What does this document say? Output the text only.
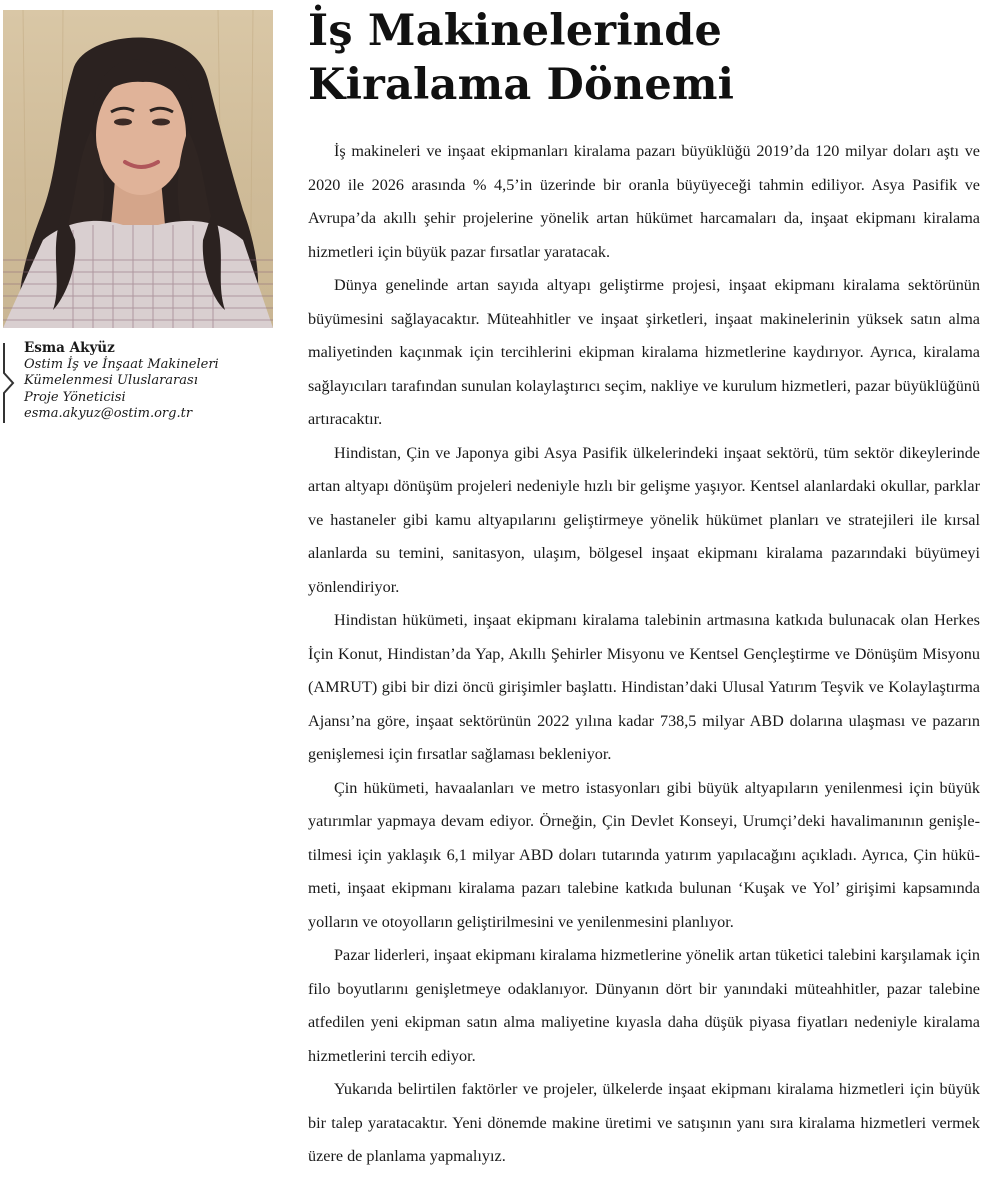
Esma Akyüz
Ostim İş ve İnşaat Makineleri
Kümelenmesi Uluslararası
Proje Yöneticisi
esma.akyuz@ostim.org.tr
İş Makinelerinde
Kiralama Dönemi

İş makineleri ve inşaat ekipmanları kiralama pazarı büyüklüğü 2019’da 120 milyar doları aştı ve 2020 ile 2026 arasında % 4,5’in üzerinde bir oranla büyüyeceği tahmin ediliyor. Asya Pasifik ve Avrupa’da akıllı şehir projelerine yönelik artan hükümet harcamaları da, inşaat ekipmanı kiralama hizmetleri için büyük pazar fırsatlar yaratacak.

Dünya genelinde artan sayıda altyapı geliştirme projesi, inşaat ekipmanı kiralama sektörünün büyümesini sağlayacaktır. Müteahhitler ve inşaat şirketleri, inşaat makinelerinin yüksek satın alma maliyetinden kaçınmak için tercihlerini ekipman kiralama hizmetlerine kaydırıyor. Ayrıca, kiralama sağlayıcıları tarafından sunulan kolaylaştırıcı seçim, nakliye ve kurulum hizmetleri, pazar büyüklüğünü artıracaktır.

Hindistan, Çin ve Japonya gibi Asya Pasifik ülkelerindeki inşaat sektörü, tüm sektör dikeylerinde artan altyapı dönüşüm projeleri nedeniyle hızlı bir gelişme yaşıyor. Kentsel alanlardaki okullar, parklar ve hastaneler gibi kamu altyapılarını geliştirmeye yönelik hükümet planları ve stratejileri ile kırsal alanlarda su temini, sanitasyon, ulaşım, bölgesel inşaat ekipmanı kiralama pazarındaki büyümeyi yönlendiriyor.

Hindistan hükümeti, inşaat ekipmanı kiralama talebinin artmasına katkıda bulunacak olan Herkes İçin Konut, Hindistan’da Yap, Akıllı Şehirler Misyonu ve Kentsel Gençleştirme ve Dönüşüm Misyonu (AMRUT) gibi bir dizi öncü girişimler başlattı. Hindistan’daki Ulusal Yatırım Teşvik ve Kolaylaştırma Ajansı’na göre, inşaat sektörünün 2022 yılına kadar 738,5 milyar ABD dolarına ulaşması ve pazarın genişlemesi için fırsatlar sağlaması bekleniyor.

Çin hükümeti, havaalanları ve metro istasyonları gibi büyük altyapıların yenilenmesi için büyük yatırımlar yapmaya devam ediyor. Örneğin, Çin Devlet Konseyi, Urumçi’deki havalimanının genişletilmesi için yaklaşık 6,1 milyar ABD doları tutarında yatırım yapılacağını açıkladı. Ayrıca, Çin hükümeti, inşaat ekipmanı kiralama pazarı talebine katkıda bulunan ‘Kuşak ve Yol’ girişimi kapsamında yolların ve otoyolların geliştirilmesini ve yenilenmesini planlıyor.

Pazar liderleri, inşaat ekipmanı kiralama hizmetlerine yönelik artan tüketici talebini karşılamak için filo boyutlarını genişletmeye odaklanıyor. Dünyanın dört bir yanındaki müteahhitler, pazar talebine atfedilen yeni ekipman satın alma maliyetine kıyasla daha düşük piyasa fiyatları nedeniyle kiralama hizmetlerini tercih ediyor.

Yukarıda belirtilen faktörler ve projeler, ülkelerde inşaat ekipmanı kiralama hizmetleri için büyük bir talep yaratacaktır. Yeni dönemde makine üretimi ve satışının yanı sıra kiralama hizmetleri vermek üzere de planlama yapmalıyız.
